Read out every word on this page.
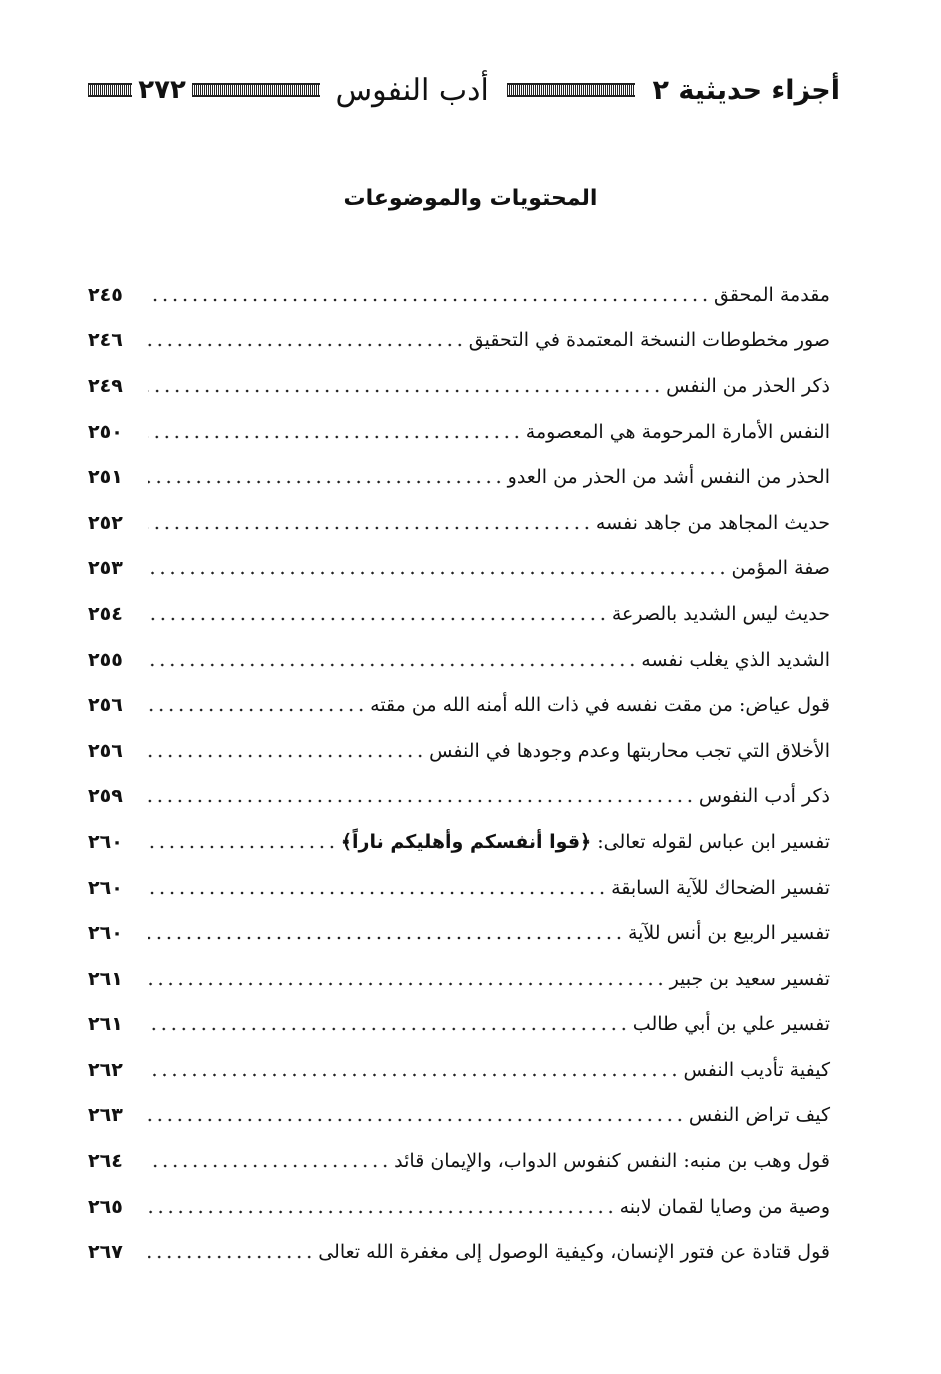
أجزاء حديثية ٢
أدب النفوس
٢٧٢
المحتويات والموضوعات
مقدمة المحقق
٢٤٥
صور مخطوطات النسخة المعتمدة في التحقيق
٢٤٦
ذكر الحذر من النفس
٢٤٩
النفس الأمارة المرحومة هي المعصومة
٢٥٠
الحذر من النفس أشد من الحذر من العدو
٢٥١
حديث المجاهد من جاهد نفسه
٢٥٢
صفة المؤمن
٢٥٣
حديث ليس الشديد بالصرعة
٢٥٤
الشديد الذي يغلب نفسه
٢٥٥
قول عياض: من مقت نفسه في ذات الله أمنه الله من مقته
٢٥٦
الأخلاق التي تجب محاربتها وعدم وجودها في النفس
٢٥٦
ذكر أدب النفوس
٢٥٩
تفسير ابن عباس لقوله تعالى: ﴿قوا أنفسكم وأهليكم ناراً﴾
٢٦٠
تفسير الضحاك للآية السابقة
٢٦٠
تفسير الربيع بن أنس للآية
٢٦٠
تفسير سعيد بن جبير
٢٦١
تفسير علي بن أبي طالب
٢٦١
كيفية تأديب النفس
٢٦٢
كيف تراض النفس
٢٦٣
قول وهب بن منبه: النفس كنفوس الدواب، والإيمان قائد
٢٦٤
وصية من وصايا لقمان لابنه
٢٦٥
قول قتادة عن فتور الإنسان، وكيفية الوصول إلى مغفرة الله تعالى
٢٦٧
